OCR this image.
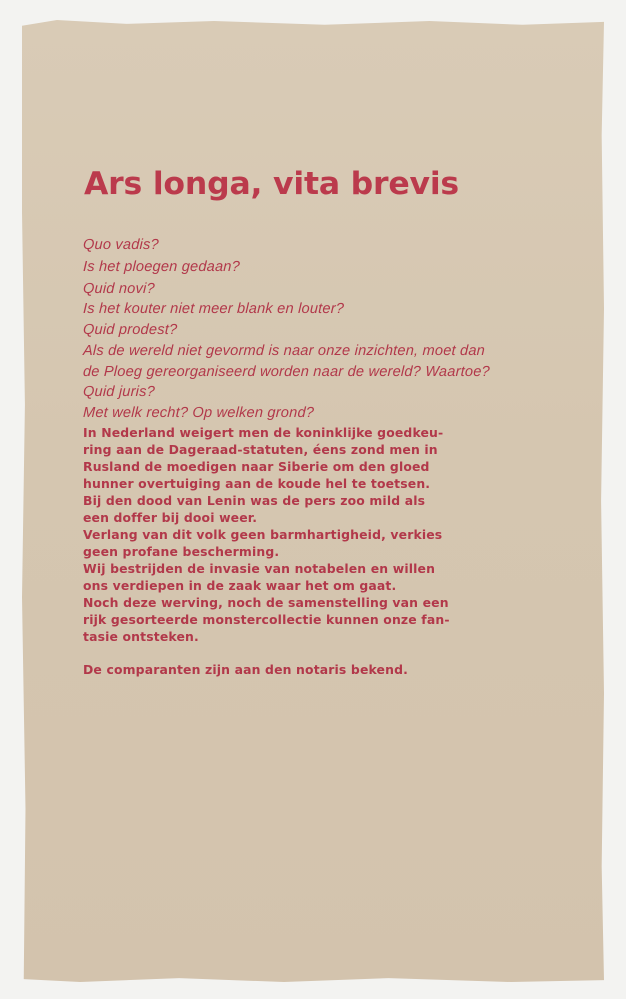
Ars longa, vita brevis
Quo vadis?
Is het ploegen gedaan?
Quid novi?
Is het kouter niet meer blank en louter?
Quid prodest?
Als de wereld niet gevormd is naar onze inzichten, moet dan
de Ploeg gereorganiseerd worden naar de wereld? Waartoe?
Quid juris?
Met welk recht? Op welken grond?
In Nederland weigert men de koninklijke goedkeu-
ring aan de Dageraad-statuten, éens zond men in
Rusland de moedigen naar Siberie om den gloed
hunner overtuiging aan de koude hel te toetsen.
Bij den dood van Lenin was de pers zoo mild als
een doffer bij dooi weer.
Verlang van dit volk geen barmhartigheid, verkies
geen profane bescherming.
Wij bestrijden de invasie van notabelen en willen
ons verdiepen in de zaak waar het om gaat.
Noch deze werving, noch de samenstelling van een
rijk gesorteerde monstercollectie kunnen onze fan-
tasie ontsteken.
De comparanten zijn aan den notaris bekend.
